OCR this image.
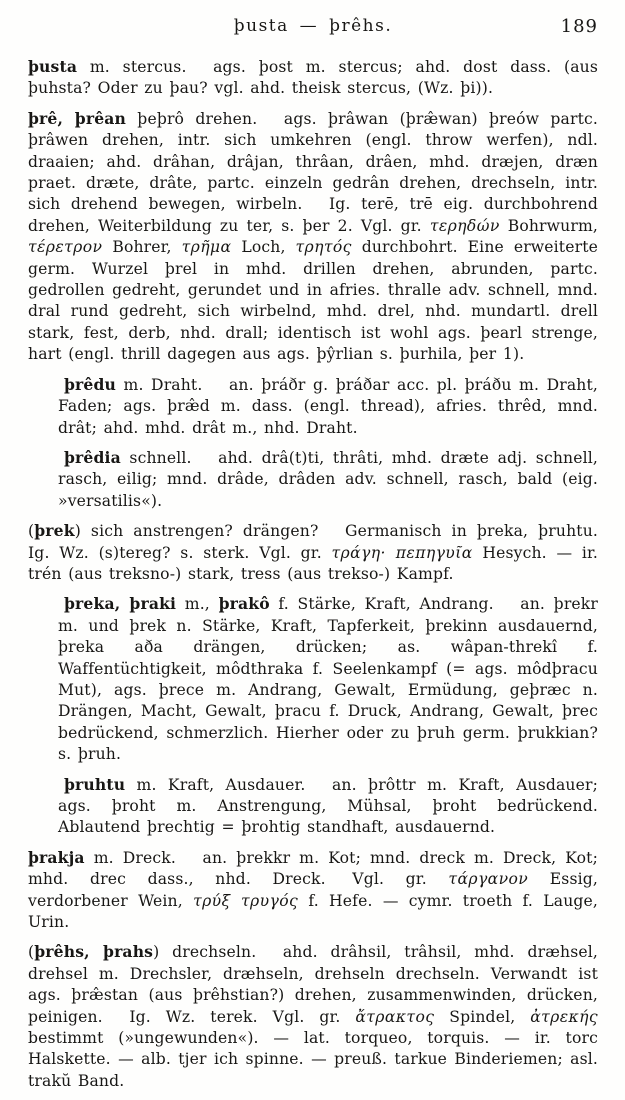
þusta — þrêhs.	189

þusta m. stercus. ags. þost m. stercus; ahd. dost dass. (aus þuhsta? Oder zu þau? vgl. ahd. theisk stercus, (Wz. þi)).

þrê, þrêan þeþrô drehen. ags. þrâwan (þræ̂wan) þreów partc. þrâwen drehen, intr. sich umkehren (engl. throw werfen), ndl. draaien; ahd. drâhan, drâjan, thrâan, drâen, mhd. dræjen, dræn praet. dræte, drâte, partc. einzeln gedrân drehen, drechseln, intr. sich drehend bewegen, wirbeln. Ig. terē, trē eig. durchbohrend drehen, Weiterbildung zu ter, s. þer 2. Vgl. gr. τερηδών Bohrwurm, τέρετρον Bohrer, τρῆμα Loch, τρητός durchbohrt. Eine erweiterte germ. Wurzel þrel in mhd. drillen drehen, abrunden, partc. gedrollen gedreht, gerundet und in afries. thralle adv. schnell, mnd. dral rund gedreht, sich wirbelnd, mhd. drel, nhd. mundartl. drell stark, fest, derb, nhd. drall; identisch ist wohl ags. þearl strenge, hart (engl. thrill dagegen aus ags. þŷrlian s. þurhila, þer 1).

þrêdu m. Draht. an. þráðr g. þráðar acc. pl. þráðu m. Draht, Faden; ags. þræ̂d m. dass. (engl. thread), afries. thrêd, mnd. drât; ahd. mhd. drât m., nhd. Draht.

þrêdia schnell. ahd. drâ(t)ti, thrâti, mhd. dræte adj. schnell, rasch, eilig; mnd. drâde, drâden adv. schnell, rasch, bald (eig. »versatilis«).

(þrek) sich anstrengen? drängen? Germanisch in þreka, þruhtu. Ig. Wz. (s)tereg? s. sterk. Vgl. gr. τράγη· πεπηγυῖα Hesych. — ir. trén (aus treksno-) stark, tress (aus trekso-) Kampf.

þreka, þraki m., þrakô f. Stärke, Kraft, Andrang. an. þrekr m. und þrek n. Stärke, Kraft, Tapferkeit, þrekinn ausdauernd, þreka aða drängen, drücken; as. wâpan-threkî f. Waffentüchtigkeit, môdthraka f. Seelenkampf (= ags. môdþracu Mut), ags. þrece m. Andrang, Gewalt, Ermüdung, geþræc n. Drängen, Macht, Gewalt, þracu f. Druck, Andrang, Gewalt, þrec bedrückend, schmerzlich. Hierher oder zu þruh germ. þrukkian? s. þruh.

þruhtu m. Kraft, Ausdauer. an. þrôttr m. Kraft, Ausdauer; ags. þroht m. Anstrengung, Mühsal, þroht bedrückend. Ablautend þrechtig = þrohtig standhaft, ausdauernd.

þrakja m. Dreck. an. þrekkr m. Kot; mnd. dreck m. Dreck, Kot; mhd. drec dass., nhd. Dreck. Vgl. gr. τάργανον Essig, verdorbener Wein, τρύξ τρυγός f. Hefe. — cymr. troeth f. Lauge, Urin.

(þrêhs, þrahs) drechseln. ahd. drâhsil, trâhsil, mhd. dræhsel, drehsel m. Drechsler, dræhseln, drehseln drechseln. Verwandt ist ags. þræ̂stan (aus þrêhstian?) drehen, zusammenwinden, drücken, peinigen. Ig. Wz. terek. Vgl. gr. ἄτρακτος Spindel, ἀτρεκής bestimmt (»ungewunden«). — lat. torqueo, torquis. — ir. torc Halskette. — alb. tjer ich spinne. — preuß. tarkue Binderiemen; asl. trakŭ Band.
